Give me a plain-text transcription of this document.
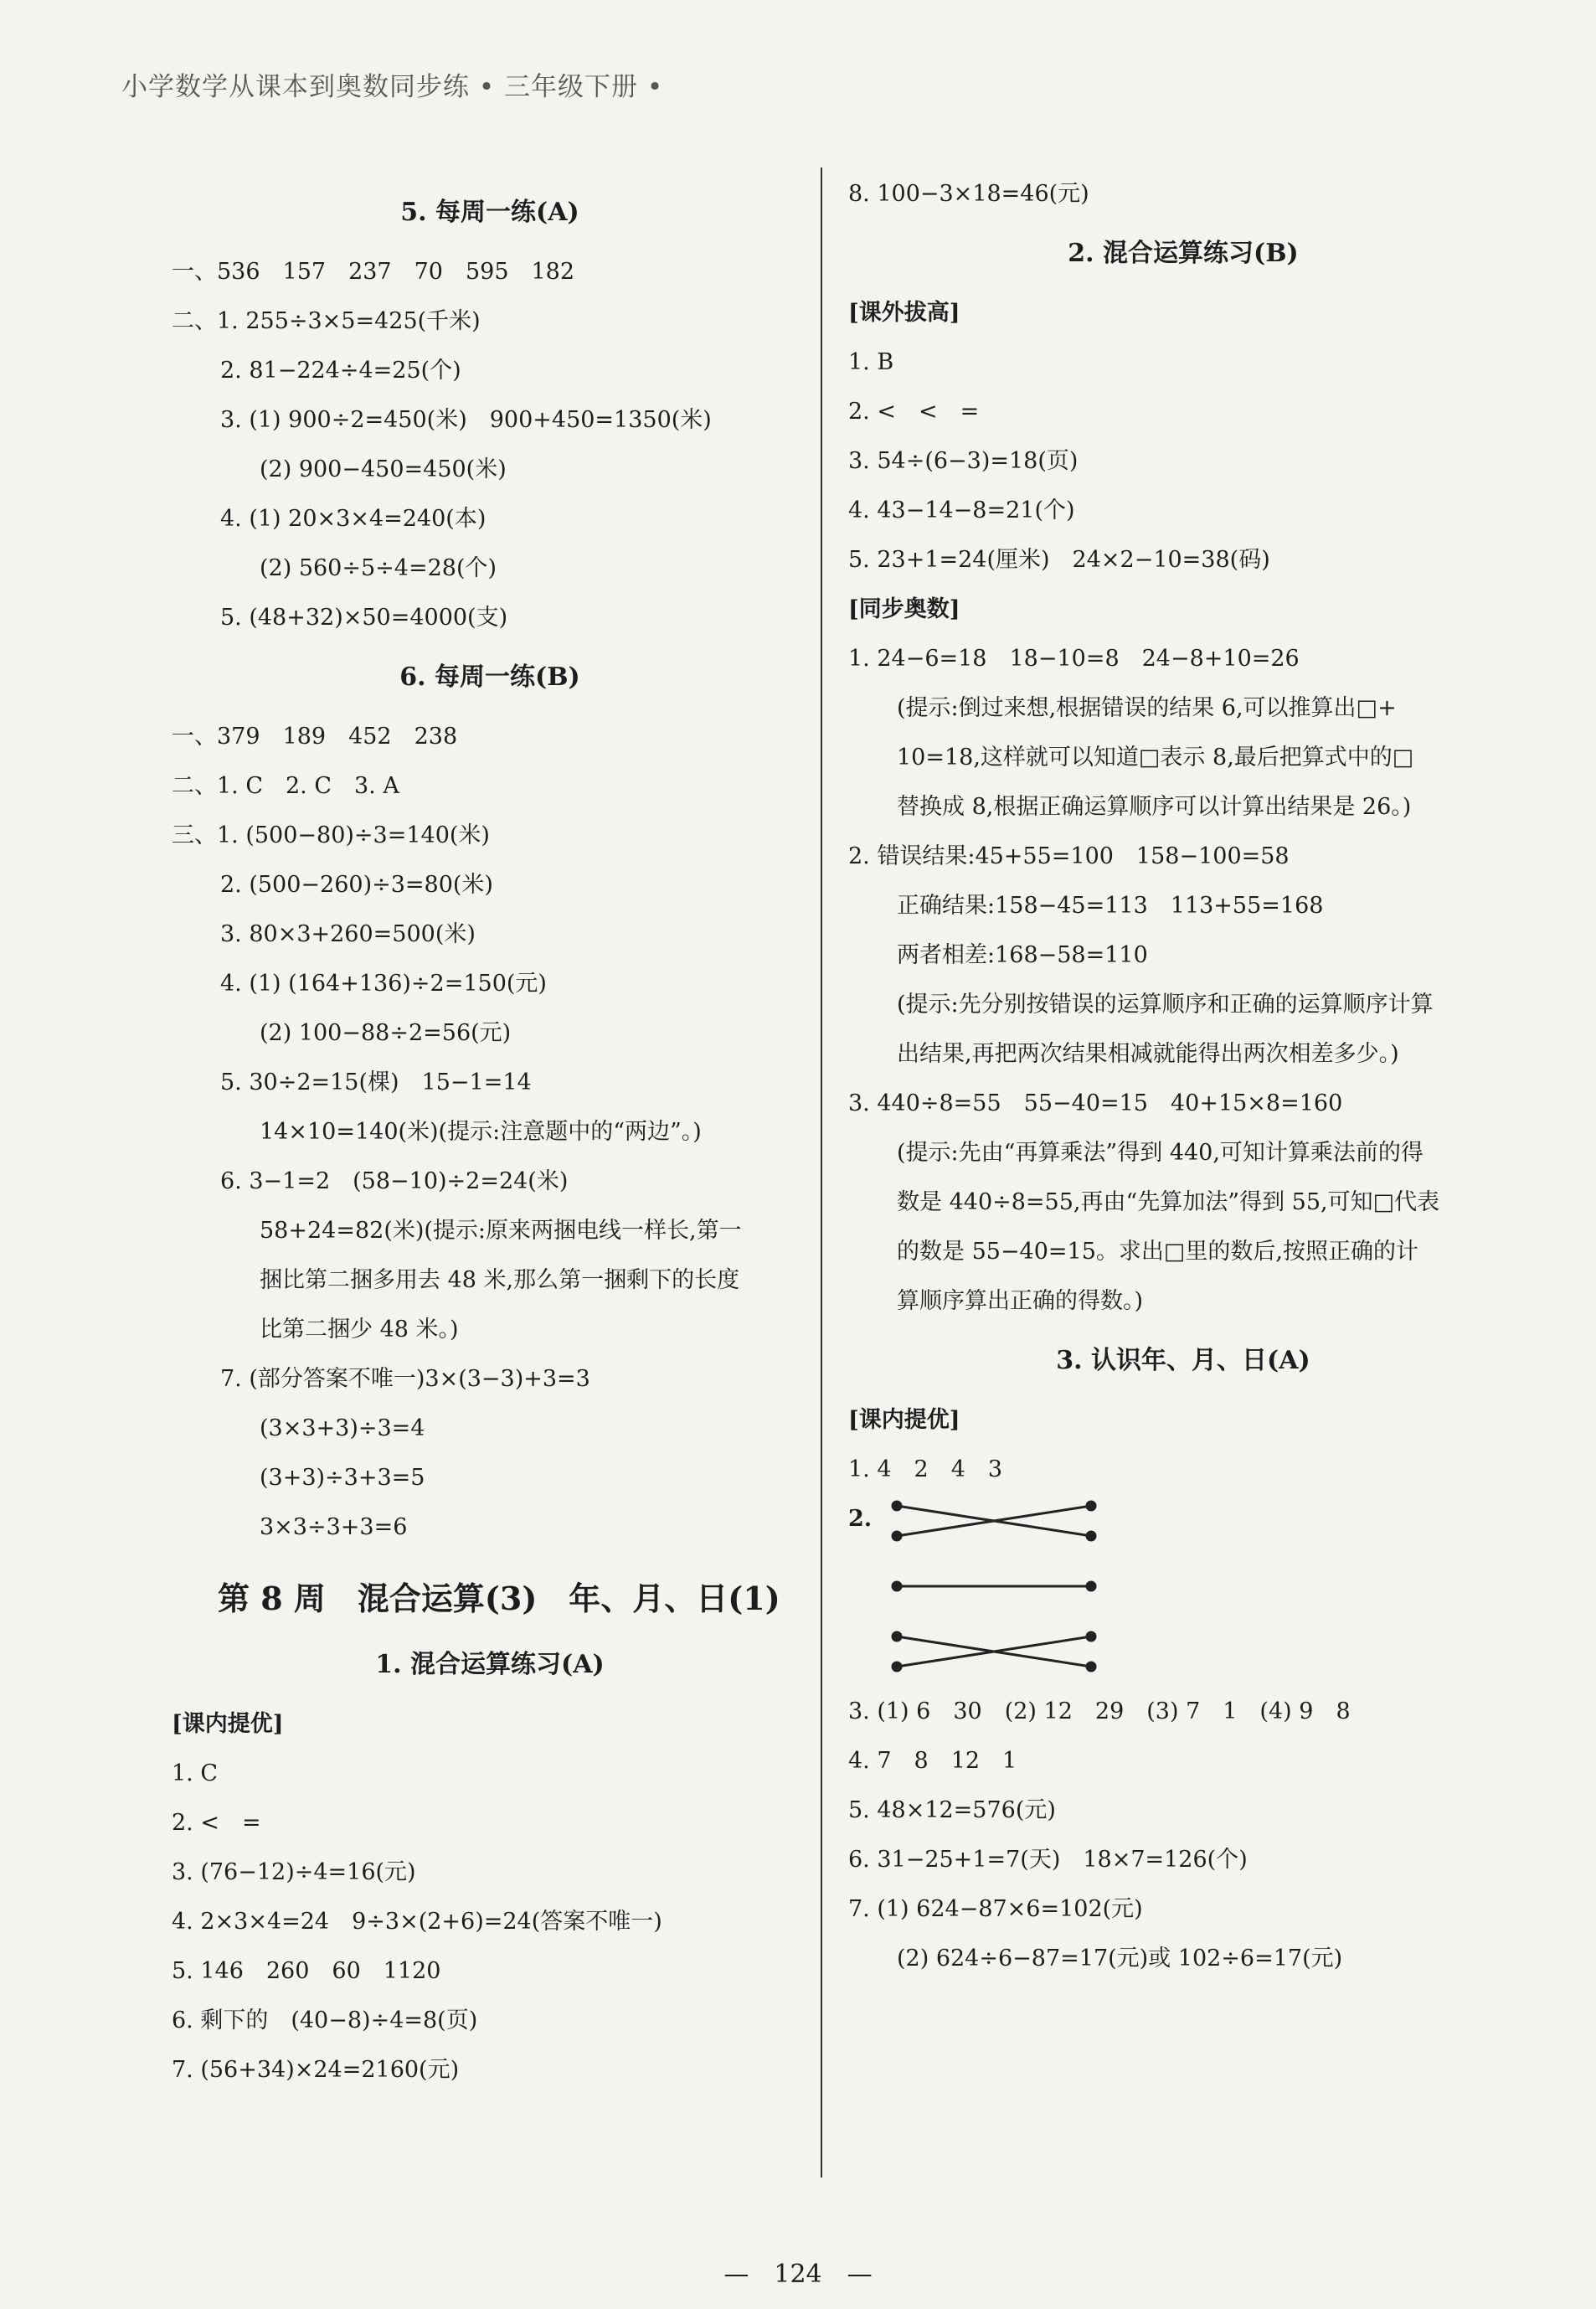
小学数学从课本到奥数同步练 • 三年级下册 •
5. 每周一练(A)
一、536　157　237　70　595　182
二、1. 255÷3×5=425(千米)
2. 81−224÷4=25(个)
3. (1) 900÷2=450(米)　900+450=1350(米)
(2) 900−450=450(米)
4. (1) 20×3×4=240(本)
(2) 560÷5÷4=28(个)
5. (48+32)×50=4000(支)
6. 每周一练(B)
一、379　189　452　238
二、1. C　2. C　3. A
三、1. (500−80)÷3=140(米)
2. (500−260)÷3=80(米)
3. 80×3+260=500(米)
4. (1) (164+136)÷2=150(元)
(2) 100−88÷2=56(元)
5. 30÷2=15(棵)　15−1=14
14×10=140(米)(提示:注意题中的“两边”。)
6. 3−1=2　(58−10)÷2=24(米)
58+24=82(米)(提示:原来两捆电线一样长,第一
捆比第二捆多用去 48 米,那么第一捆剩下的长度
比第二捆少 48 米。)
7. (部分答案不唯一)3×(3−3)+3=3
(3×3+3)÷3=4
(3+3)÷3+3=5
3×3÷3+3=6
第 8 周　混合运算(3)　年、月、日(1)
1. 混合运算练习(A)
[课内提优]
1. C
2. <　=
3. (76−12)÷4=16(元)
4. 2×3×4=24　9÷3×(2+6)=24(答案不唯一)
5. 146　260　60　1120
6. 剩下的　(40−8)÷4=8(页)
7. (56+34)×24=2160(元)
8. 100−3×18=46(元)
2. 混合运算练习(B)
[课外拔高]
1. B
2. <　<　=
3. 54÷(6−3)=18(页)
4. 43−14−8=21(个)
5. 23+1=24(厘米)　24×2−10=38(码)
[同步奥数]
1. 24−6=18　18−10=8　24−8+10=26
(提示:倒过来想,根据错误的结果 6,可以推算出□+
10=18,这样就可以知道□表示 8,最后把算式中的□
替换成 8,根据正确运算顺序可以计算出结果是 26。)
2. 错误结果:45+55=100　158−100=58
正确结果:158−45=113　113+55=168
两者相差:168−58=110
(提示:先分别按错误的运算顺序和正确的运算顺序计算
出结果,再把两次结果相减就能得出两次相差多少。)
3. 440÷8=55　55−40=15　40+15×8=160
(提示:先由“再算乘法”得到 440,可知计算乘法前的得
数是 440÷8=55,再由“先算加法”得到 55,可知□代表
的数是 55−40=15。求出□里的数后,按照正确的计
算顺序算出正确的得数。)
3. 认识年、月、日(A)
[课内提优]
1. 4　2　4　3
2.
3. (1) 6　30　(2) 12　29　(3) 7　1　(4) 9　8
4. 7　8　12　1
5. 48×12=576(元)
6. 31−25+1=7(天)　18×7=126(个)
7. (1) 624−87×6=102(元)
(2) 624÷6−87=17(元)或 102÷6=17(元)
—　124　—
